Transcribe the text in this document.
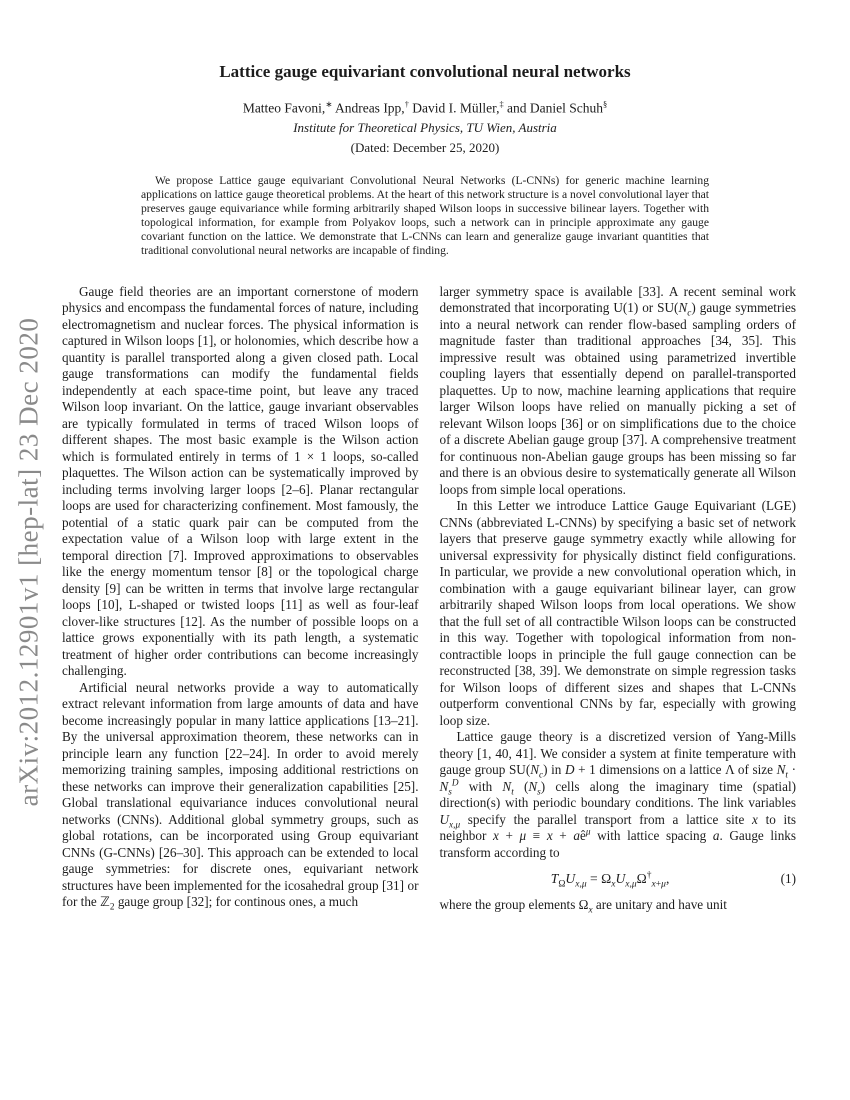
arXiv:2012.12901v1 [hep-lat] 23 Dec 2020
Lattice gauge equivariant convolutional neural networks
Matteo Favoni,∗ Andreas Ipp,† David I. Müller,‡ and Daniel Schuh§
Institute for Theoretical Physics, TU Wien, Austria
(Dated: December 25, 2020)
We propose Lattice gauge equivariant Convolutional Neural Networks (L-CNNs) for generic machine learning applications on lattice gauge theoretical problems. At the heart of this network structure is a novel convolutional layer that preserves gauge equivariance while forming arbitrarily shaped Wilson loops in successive bilinear layers. Together with topological information, for example from Polyakov loops, such a network can in principle approximate any gauge covariant function on the lattice. We demonstrate that L-CNNs can learn and generalize gauge invariant quantities that traditional convolutional neural networks are incapable of finding.

Gauge field theories are an important cornerstone of modern physics and encompass the fundamental forces of nature, including electromagnetism and nuclear forces. The physical information is captured in Wilson loops [1], or holonomies, which describe how a quantity is parallel transported along a given closed path. Local gauge transformations can modify the fundamental fields independently at each space-time point, but leave any traced Wilson loop invariant. On the lattice, gauge invariant observables are typically formulated in terms of traced Wilson loops of different shapes. The most basic example is the Wilson action which is formulated entirely in terms of 1 × 1 loops, so-called plaquettes. The Wilson action can be systematically improved by including terms involving larger loops [2–6]. Planar rectangular loops are used for characterizing confinement. Most famously, the potential of a static quark pair can be computed from the expectation value of a Wilson loop with large extent in the temporal direction [7]. Improved approximations to observables like the energy momentum tensor [8] or the topological charge density [9] can be written in terms that involve large rectangular loops [10], L-shaped or twisted loops [11] as well as four-leaf clover-like structures [12]. As the number of possible loops on a lattice grows exponentially with its path length, a systematic treatment of higher order contributions can become increasingly challenging.

Artificial neural networks provide a way to automatically extract relevant information from large amounts of data and have become increasingly popular in many lattice applications [13–21]. By the universal approximation theorem, these networks can in principle learn any function [22–24]. In order to avoid merely memorizing training samples, imposing additional restrictions on these networks can improve their generalization capabilities [25]. Global translational equivariance induces convolutional neural networks (CNNs). Additional global symmetry groups, such as global rotations, can be incorporated using Group equivariant CNNs (G-CNNs) [26–30]. This approach can be extended to local gauge symmetries: for discrete ones, equivariant network structures have been implemented for the icosahedral group [31] or for the ℤ$_2$ gauge group [32]; for continous ones, a much

larger symmetry space is available [33]. A recent seminal work demonstrated that incorporating U(1) or $SU(N_c)$ gauge symmetries into a neural network can render flow-based sampling orders of magnitude faster than traditional approaches [34, 35]. This impressive result was obtained using parametrized invertible coupling layers that essentially depend on parallel-transported plaquettes. Up to now, machine learning applications that require larger Wilson loops have relied on manually picking a set of relevant Wilson loops [36] or on simplifications due to the choice of a discrete Abelian gauge group [37]. A comprehensive treatment for continuous non-Abelian gauge groups has been missing so far and there is an obvious desire to systematically generate all Wilson loops from simple local operations.

In this Letter we introduce Lattice Gauge Equivariant (LGE) CNNs (abbreviated L-CNNs) by specifying a basic set of network layers that preserve gauge symmetry exactly while allowing for universal expressivity for physically distinct field configurations. In particular, we provide a new convolutional operation which, in combination with a gauge equivariant bilinear layer, can grow arbitrarily shaped Wilson loops from local operations. We show that the full set of all contractible Wilson loops can be constructed in this way. Together with topological information from non-contractible loops in principle the full gauge connection can be reconstructed [38, 39]. We demonstrate on simple regression tasks for Wilson loops of different sizes and shapes that L-CNNs outperform conventional CNNs by far, especially with growing loop size.

Lattice gauge theory is a discretized version of Yang-Mills theory [1, 40, 41]. We consider a system at finite temperature with gauge group $SU(N_c)$ in D + 1 dimensions on a lattice Λ of size $N_t \cdot N_s^D$ with $N_t$ $(N_s)$ cells along the imaginary time (spatial) direction(s) with periodic boundary conditions. The link variables $U_{x,\mu}$ specify the parallel transport from a lattice site x to its neighbor $x + \mu \equiv x + aê^\mu$ with lattice spacing a. Gauge links transform according to

$T_\Omega U_{x,\mu} = \Omega_xU_{x,\mu}\Omega^\dagger_{x+\mu}$,	(1)

where the group elements $\Omega_x$ are unitary and have unit
